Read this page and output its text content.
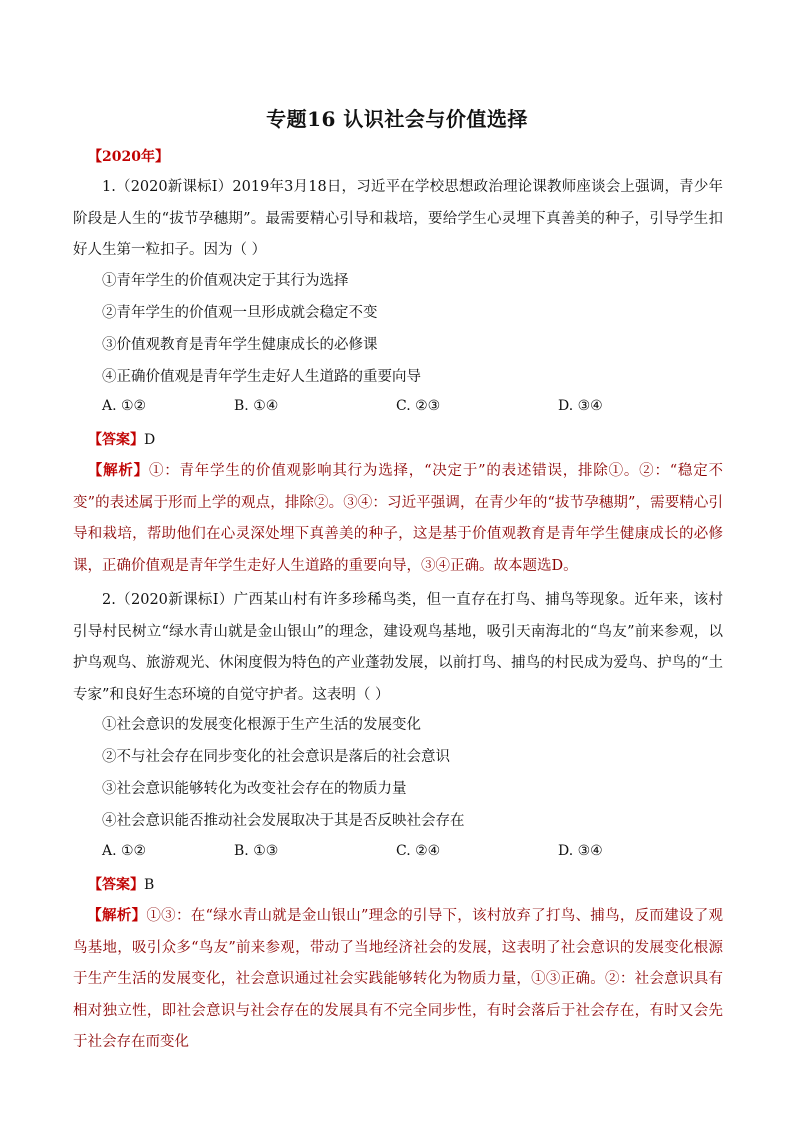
专题16 认识社会与价值选择
【2020年】

1.（2020新课标I）2019年3月18日，习近平在学校思想政治理论课教师座谈会上强调，青少年阶段是人生的“拔节孕穗期”。最需要精心引导和栽培，要给学生心灵埋下真善美的种子，引导学生扣好人生第一粒扣子。因为（ ）

①青年学生的价值观决定于其行为选择

②青年学生的价值观一旦形成就会稳定不变

③价值观教育是青年学生健康成长的必修课

④正确价值观是青年学生走好人生道路的重要向导

A. ①②	B. ①④	C. ②③	D. ③④
【答案】D

【解析】①：青年学生的价值观影响其行为选择，“决定于”的表述错误，排除①。②：“稳定不变”的表述属于形而上学的观点，排除②。③④：习近平强调，在青少年的“拔节孕穗期”，需要精心引导和栽培，帮助他们在心灵深处埋下真善美的种子，这是基于价值观教育是青年学生健康成长的必修课，正确价值观是青年学生走好人生道路的重要向导，③④正确。故本题选D。

2.（2020新课标I）广西某山村有许多珍稀鸟类，但一直存在打鸟、捕鸟等现象。近年来，该村引导村民树立“绿水青山就是金山银山”的理念，建设观鸟基地，吸引天南海北的“鸟友”前来参观，以护鸟观鸟、旅游观光、休闲度假为特色的产业蓬勃发展，以前打鸟、捕鸟的村民成为爱鸟、护鸟的“土专家”和良好生态环境的自觉守护者。这表明（ ）

①社会意识的发展变化根源于生产生活的发展变化

②不与社会存在同步变化的社会意识是落后的社会意识

③社会意识能够转化为改变社会存在的物质力量

④社会意识能否推动社会发展取决于其是否反映社会存在

A. ①②	B. ①③	C. ②④	D. ③④
【答案】B

【解析】①③：在“绿水青山就是金山银山”理念的引导下，该村放弃了打鸟、捕鸟，反而建设了观鸟基地，吸引众多“鸟友”前来参观，带动了当地经济社会的发展，这表明了社会意识的发展变化根源于生产生活的发展变化，社会意识通过社会实践能够转化为物质力量，①③正确。②：社会意识具有相对独立性，即社会意识与社会存在的发展具有不完全同步性，有时会落后于社会存在，有时又会先于社会存在而变化
